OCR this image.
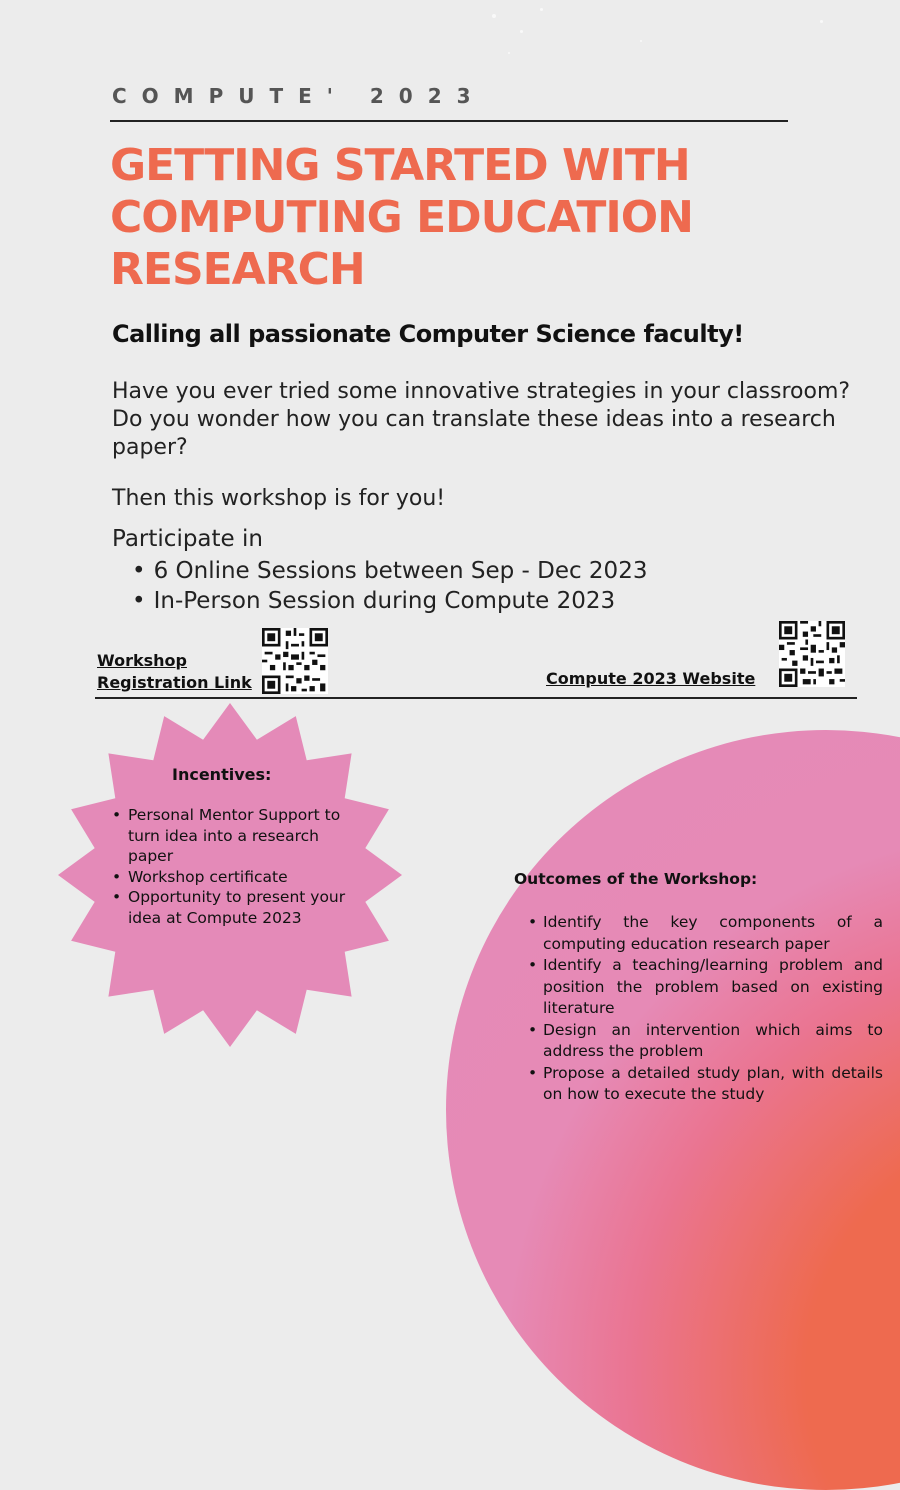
COMPUTE' 2023
GETTING STARTED WITH
COMPUTING EDUCATION
RESEARCH
Calling all passionate Computer Science faculty!
Have you ever tried some innovative strategies in your classroom?
Do you wonder how you can translate these ideas into a research
paper?
Then this workshop is for you!
Participate in
• 6 Online Sessions between Sep - Dec 2023
• In-Person Session during Compute 2023
Workshop
Registration Link	Compute 2023 Website
Incentives:
• Personal Mentor Support to turn idea into a research paper
• Workshop certificate
• Opportunity to present your idea at Compute 2023
Outcomes of the Workshop:
• Identify the key components of a computing education research paper
• Identify a teaching/learning problem and position the problem based on existing literature
• Design an intervention which aims to address the problem
• Propose a detailed study plan, with details on how to execute the study
